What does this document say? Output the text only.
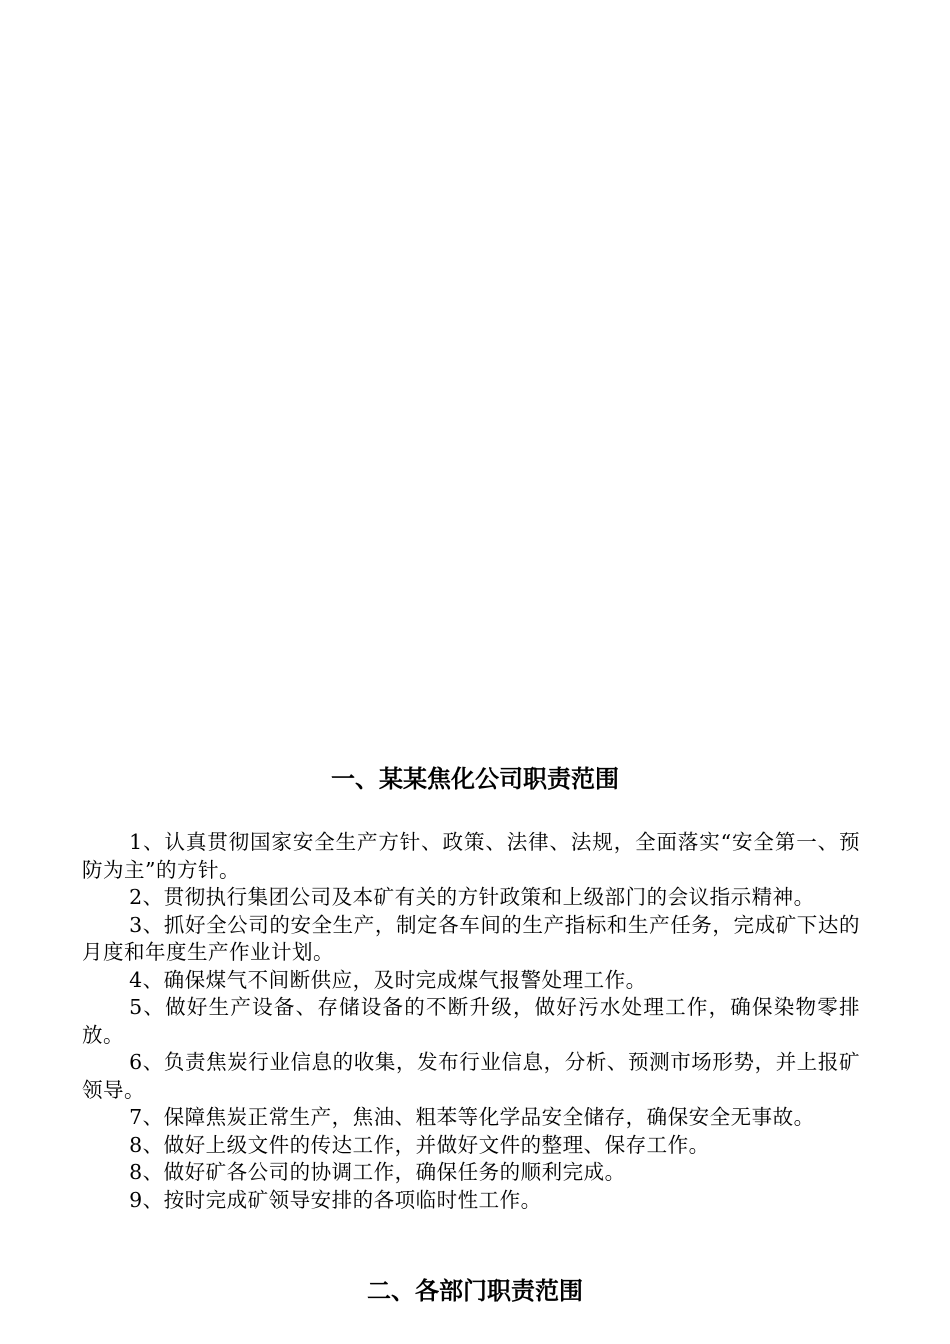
一、某某焦化公司职责范围

1、认真贯彻国家安全生产方针、政策、法律、法规，全面落实“安全第一、预防为主”的方针。

2、贯彻执行集团公司及本矿有关的方针政策和上级部门的会议指示精神。

3、抓好全公司的安全生产，制定各车间的生产指标和生产任务，完成矿下达的月度和年度生产作业计划。

4、确保煤气不间断供应，及时完成煤气报警处理工作。

5、做好生产设备、存储设备的不断升级，做好污水处理工作，确保染物零排放。

6、负责焦炭行业信息的收集，发布行业信息，分析、预测市场形势，并上报矿领导。

7、保障焦炭正常生产，焦油、粗苯等化学品安全储存，确保安全无事故。

8、做好上级文件的传达工作，并做好文件的整理、保存工作。

8、做好矿各公司的协调工作，确保任务的顺利完成。

9、按时完成矿领导安排的各项临时性工作。

二、各部门职责范围
